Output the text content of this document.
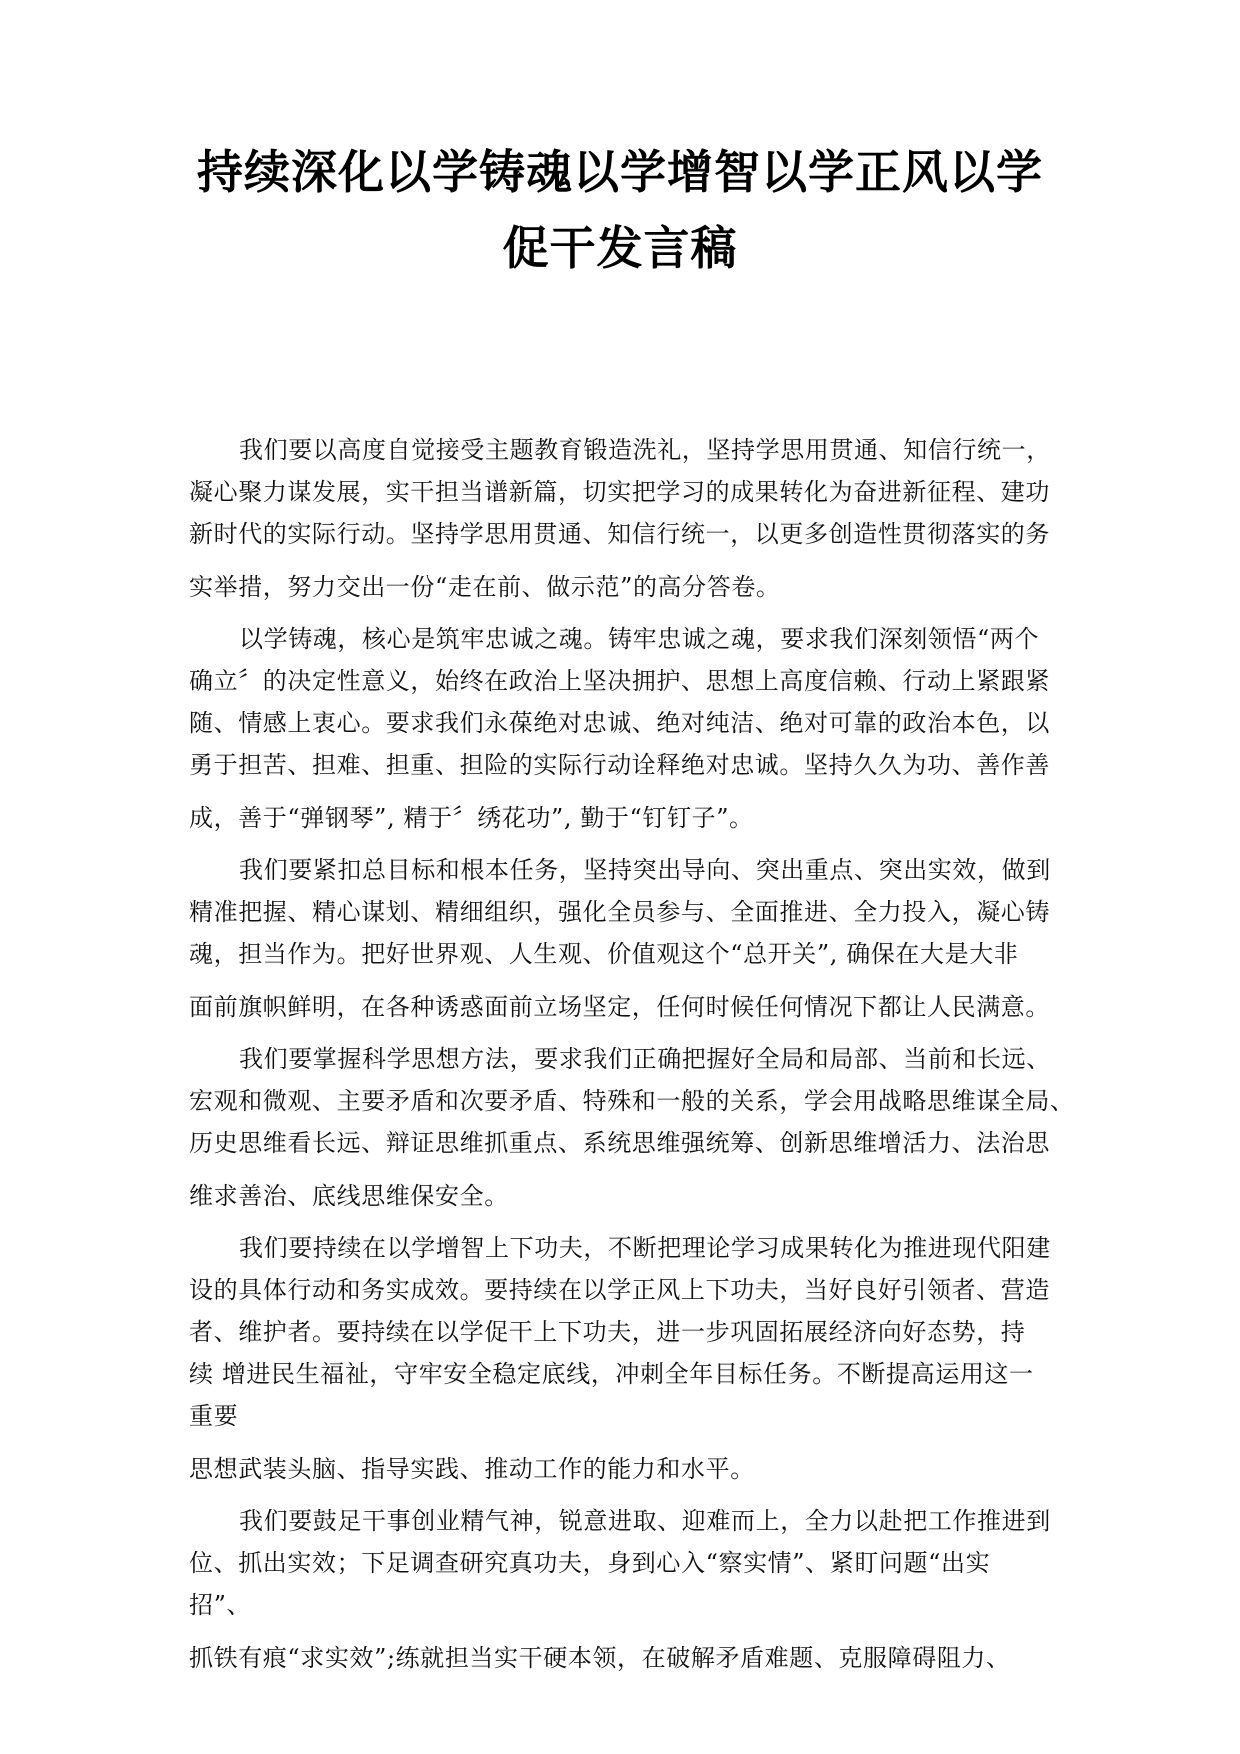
持续深化以学铸魂以学增智以学正风以学
促干发言稿
我们要以高度自觉接受主题教育锻造洗礼，坚持学思用贯通、知信行统一，
凝心聚力谋发展，实干担当谱新篇，切实把学习的成果转化为奋进新征程、建功
新时代的实际行动。坚持学思用贯通、知信行统一，以更多创造性贯彻落实的务
实举措，努力交出一份“走在前、做示范”的高分答卷。
以学铸魂，核心是筑牢忠诚之魂。铸牢忠诚之魂，要求我们深刻领悟“两个
确立〞的决定性意义，始终在政治上坚决拥护、思想上高度信赖、行动上紧跟紧
随、情感上衷心。要求我们永葆绝对忠诚、绝对纯洁、绝对可靠的政治本色，以
勇于担苦、担难、担重、担险的实际行动诠释绝对忠诚。坚持久久为功、善作善
成，善于“弹钢琴”, 精于〞绣花功”, 勤于“钉钉子”。
我们要紧扣总目标和根本任务，坚持突出导向、突出重点、突出实效，做到
精准把握、精心谋划、精细组织，强化全员参与、全面推进、全力投入，凝心铸
魂，担当作为。把好世界观、人生观、价值观这个“总开关”, 确保在大是大非
面前旗帜鲜明，在各种诱惑面前立场坚定，任何时候任何情况下都让人民满意。
我们要掌握科学思想方法，要求我们正确把握好全局和局部、当前和长远、
宏观和微观、主要矛盾和次要矛盾、特殊和一般的关系，学会用战略思维谋全局、
历史思维看长远、辩证思维抓重点、系统思维强统筹、创新思维增活力、法治思
维求善治、底线思维保安全。
我们要持续在以学增智上下功夫，不断把理论学习成果转化为推进现代阳建
设的具体行动和务实成效。要持续在以学正风上下功夫，当好良好引领者、营造
者、维护者。要持续在以学促干上下功夫，进一步巩固拓展经济向好态势，持
续 增进民生福祉，守牢安全稳定底线，冲刺全年目标任务。不断提高运用这一
重要
思想武装头脑、指导实践、推动工作的能力和水平。
我们要鼓足干事创业精气神，锐意进取、迎难而上，全力以赴把工作推进到
位、抓出实效；下足调查研究真功夫，身到心入“察实情”、紧盯问题“出实
招”、
抓铁有痕“求实效”;练就担当实干硬本领，在破解矛盾难题、克服障碍阻力、
